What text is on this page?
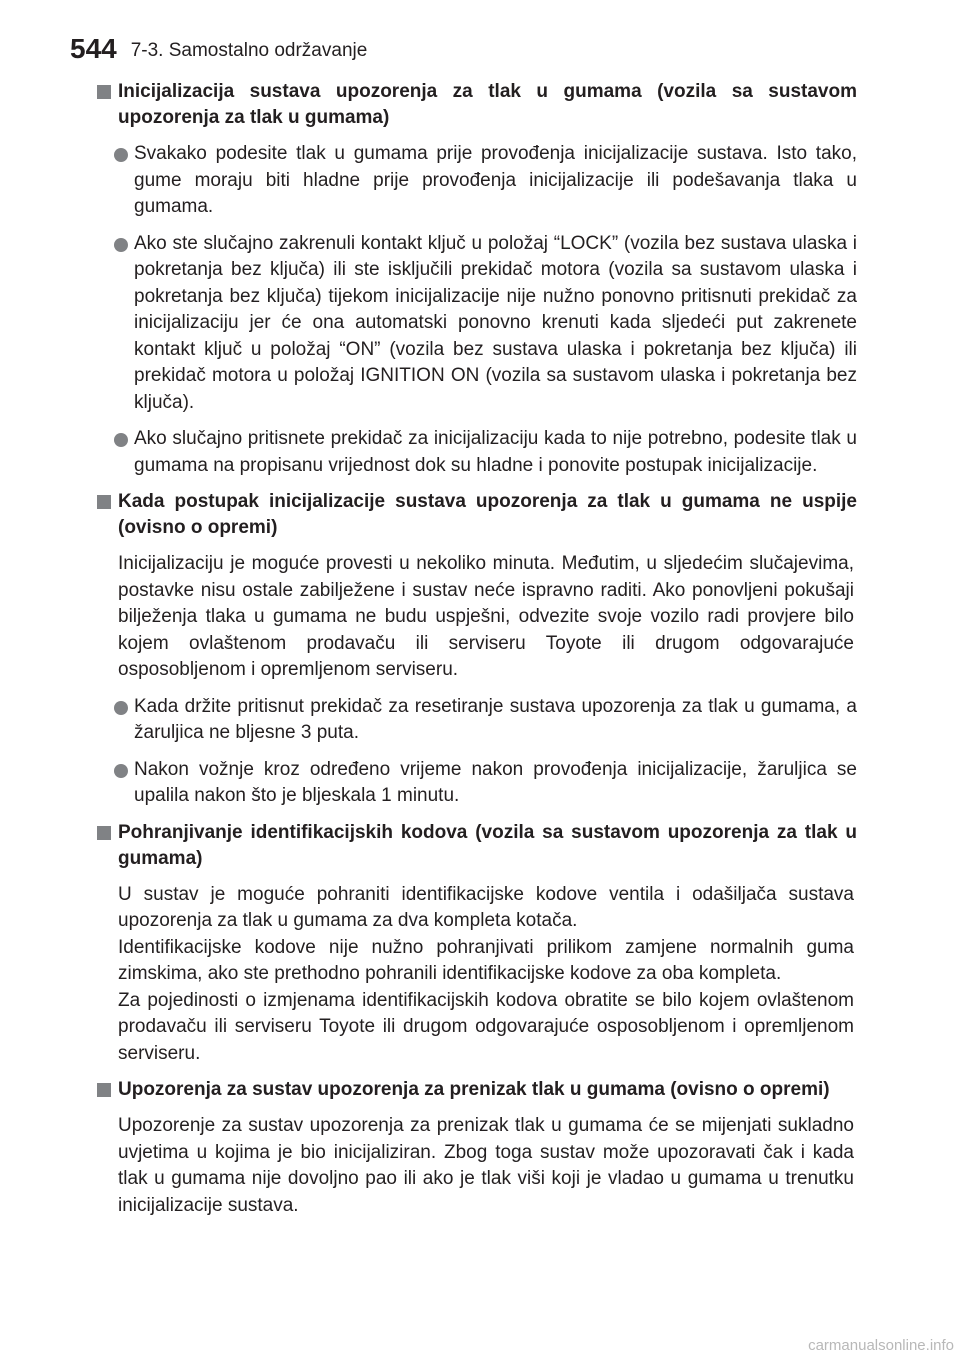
544 7-3. Samostalno održavanje
Inicijalizacija sustava upozorenja za tlak u gumama (vozila sa sustavom upozorenja za tlak u gumama)
Svakako podesite tlak u gumama prije provođenja inicijalizacije sustava. Isto tako, gume moraju biti hladne prije provođenja inicijalizacije ili podešavanja tlaka u gumama.
Ako ste slučajno zakrenuli kontakt ključ u položaj “LOCK” (vozila bez sustava ulaska i pokretanja bez ključa) ili ste isključili prekidač motora (vozila sa sustavom ulaska i pokretanja bez ključa) tijekom inicijalizacije nije nužno ponovno pritisnuti prekidač za inicijalizaciju jer će ona automatski ponovno krenuti kada sljedeći put zakrenete kontakt ključ u položaj “ON” (vozila bez sustava ulaska i pokretanja bez ključa) ili prekidač motora u položaj IGNITION ON (vozila sa sustavom ulaska i pokretanja bez ključa).
Ako slučajno pritisnete prekidač za inicijalizaciju kada to nije potrebno, podesite tlak u gumama na propisanu vrijednost dok su hladne i ponovite postupak inicijalizacije.
Kada postupak inicijalizacije sustava upozorenja za tlak u gumama ne uspije (ovisno o opremi)
Inicijalizaciju je moguće provesti u nekoliko minuta. Međutim, u sljedećim slučajevima, postavke nisu ostale zabilježene i sustav neće ispravno raditi. Ako ponovljeni pokušaji bilježenja tlaka u gumama ne budu uspješni, odvezite svoje vozilo radi provjere bilo kojem ovlaštenom prodavaču ili serviseru Toyote ili drugom odgovarajuće osposobljenom i opremljenom serviseru.
Kada držite pritisnut prekidač za resetiranje sustava upozorenja za tlak u gumama, a žaruljica ne bljesne 3 puta.
Nakon vožnje kroz određeno vrijeme nakon provođenja inicijalizacije, žaruljica se upalila nakon što je bljeskala 1 minutu.
Pohranjivanje identifikacijskih kodova (vozila sa sustavom upozorenja za tlak u gumama)
U sustav je moguće pohraniti identifikacijske kodove ventila i odašiljača sustava upozorenja za tlak u gumama za dva kompleta kotača.
Identifikacijske kodove nije nužno pohranjivati prilikom zamjene normalnih guma zimskima, ako ste prethodno pohranili identifikacijske kodove za oba kompleta.
Za pojedinosti o izmjenama identifikacijskih kodova obratite se bilo kojem ovlaštenom prodavaču ili serviseru Toyote ili drugom odgovarajuće osposobljenom i opremljenom serviseru.
Upozorenja za sustav upozorenja za prenizak tlak u gumama (ovisno o opremi)
Upozorenje za sustav upozorenja za prenizak tlak u gumama će se mijenjati sukladno uvjetima u kojima je bio inicijaliziran. Zbog toga sustav može upozoravati čak i kada tlak u gumama nije dovoljno pao ili ako je tlak viši koji je vladao u gumama u trenutku inicijalizacije sustava.
carmanualsonline.info
